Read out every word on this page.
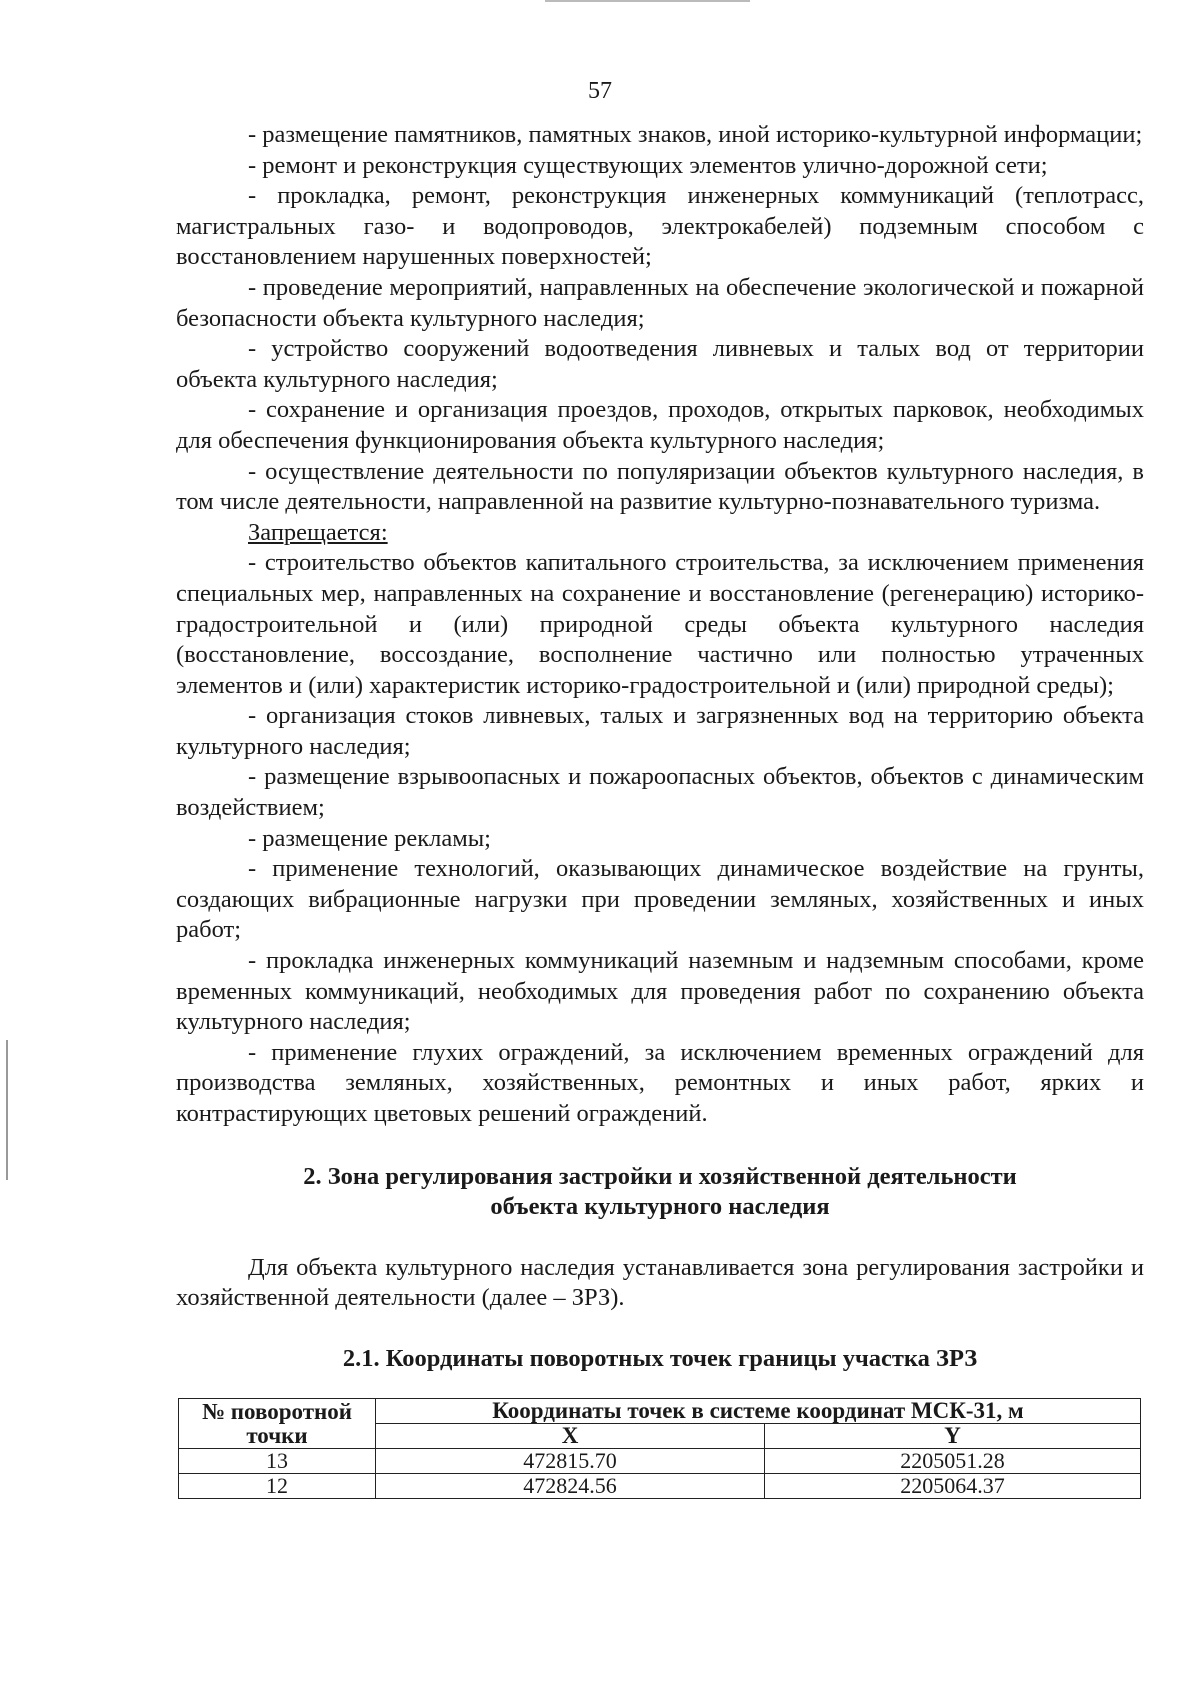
57

- размещение памятников, памятных знаков, иной историко-культурной информации;

- ремонт и реконструкция существующих элементов улично-дорожной сети;

- прокладка, ремонт, реконструкция инженерных коммуникаций (теплотрасс, магистральных газо- и водопроводов, электрокабелей) подземным способом с восстановлением нарушенных поверхностей;

- проведение мероприятий, направленных на обеспечение экологической и пожарной безопасности объекта культурного наследия;

- устройство сооружений водоотведения ливневых и талых вод от территории объекта культурного наследия;

- сохранение и организация проездов, проходов, открытых парковок, необходимых для обеспечения функционирования объекта культурного наследия;

- осуществление деятельности по популяризации объектов культурного наследия, в том числе деятельности, направленной на развитие культурно-познавательного туризма.

Запрещается:

- строительство объектов капитального строительства, за исключением применения специальных мер, направленных на сохранение и восстановление (регенерацию) историко-градостроительной и (или) природной среды объекта культурного наследия (восстановление, воссоздание, восполнение частично или полностью утраченных элементов и (или) характеристик историко-градостроительной и (или) природной среды);

- организация стоков ливневых, талых и загрязненных вод на территорию объекта культурного наследия;

- размещение взрывоопасных и пожароопасных объектов, объектов с динамическим воздействием;

- размещение рекламы;

- применение технологий, оказывающих динамическое воздействие на грунты, создающих вибрационные нагрузки при проведении земляных, хозяйственных и иных работ;

- прокладка инженерных коммуникаций наземным и надземным способами, кроме временных коммуникаций, необходимых для проведения работ по сохранению объекта культурного наследия;

- применение глухих ограждений, за исключением временных ограждений для производства земляных, хозяйственных, ремонтных и иных работ, ярких и контрастирующих цветовых решений ограждений.

2. Зона регулирования застройки и хозяйственной деятельности
объекта культурного наследия

Для объекта культурного наследия устанавливается зона регулирования застройки и хозяйственной деятельности (далее – ЗРЗ).

2.1. Координаты поворотных точек границы участка ЗРЗ

№ поворотной точки	Координаты точек в системе координат МСК-31, м	
	X	Y
13	472815.70	2205051.28
12	472824.56	2205064.37
